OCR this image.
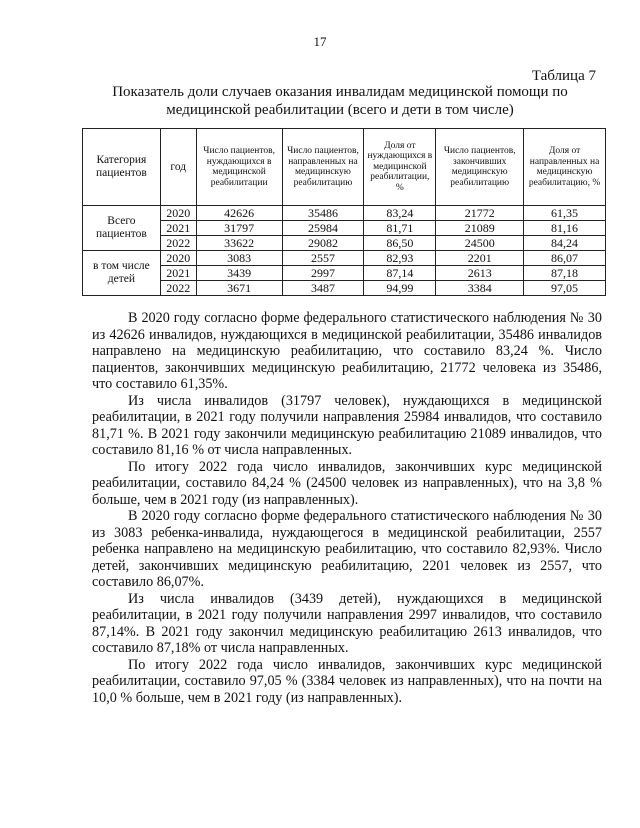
17
Таблица 7
Показатель доли случаев оказания инвалидам медицинской помощи по
медицинской реабилитации (всего и дети в том числе)
Категория пациентов	год	Число пациентов, нуждающихся в медицинской реабилитации	Число пациентов, направленных на медицинскую реабилитацию	Доля от нуждающихся в медицинской реабилитации, %	Число пациентов, закончивших медицинскую реабилитацию	Доля от направленных на медицинскую реабилитацию, %
Всего пациентов	2020	42626	35486	83,24	21772	61,35
	2021	31797	25984	81,71	21089	81,16
	2022	33622	29082	86,50	24500	84,24
в том числе детей	2020	3083	2557	82,93	2201	86,07
	2021	3439	2997	87,14	2613	87,18
	2022	3671	3487	94,99	3384	97,05

В 2020 году согласно форме федерального статистического наблюдения № 30 из 42626 инвалидов, нуждающихся в медицинской реабилитации, 35486 инвалидов направлено на медицинскую реабилитацию, что составило 83,24 %. Число пациентов, закончивших медицинскую реабилитацию, 21772 человека из 35486, что составило 61,35%.

Из числа инвалидов (31797 человек), нуждающихся в медицинской реабилитации, в 2021 году получили направления 25984 инвалидов, что составило 81,71 %. В 2021 году закончили медицинскую реабилитацию 21089 инвалидов, что составило 81,16 % от числа направленных.

По итогу 2022 года число инвалидов, закончивших курс медицинской реабилитации, составило 84,24 % (24500 человек из направленных), что на 3,8 % больше, чем в 2021 году (из направленных).

В 2020 году согласно форме федерального статистического наблюдения № 30 из 3083 ребенка-инвалида, нуждающегося в медицинской реабилитации, 2557 ребенка направлено на медицинскую реабилитацию, что составило 82,93%. Число детей, закончивших медицинскую реабилитацию, 2201 человек из 2557, что составило 86,07%.

Из числа инвалидов (3439 детей), нуждающихся в медицинской реабилитации, в 2021 году получили направления 2997 инвалидов, что составило 87,14%. В 2021 году закончил медицинскую реабилитацию 2613 инвалидов, что составило 87,18% от числа направленных.

По итогу 2022 года число инвалидов, закончивших курс медицинской реабилитации, составило 97,05 % (3384 человек из направленных), что на почти на 10,0 % больше, чем в 2021 году (из направленных).
